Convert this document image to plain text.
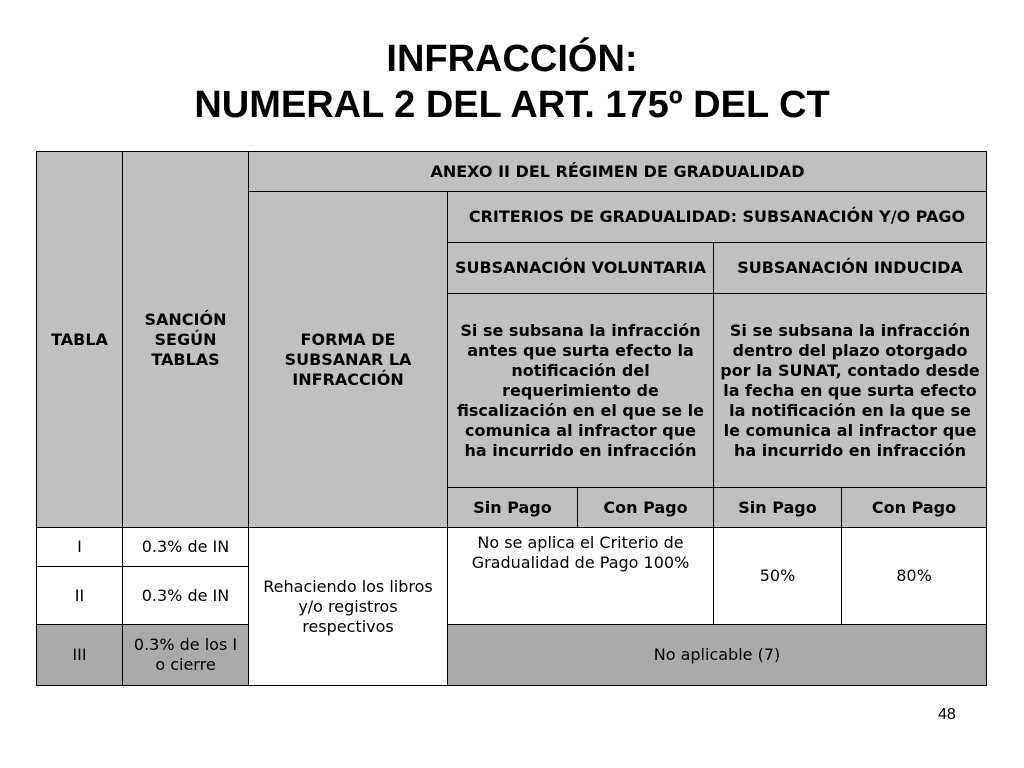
INFRACCIÓN:
NUMERAL 2 DEL ART. 175º DEL CT
.
TABLA	SANCIÓN SEGÚN TABLAS	ANEXO II DEL RÉGIMEN DE GRADUALIDAD				
		FORMA DE SUBSANAR LA INFRACCIÓN	CRITERIOS DE GRADUALIDAD: SUBSANACIÓN Y/O PAGO			
			SUBSANACIÓN VOLUNTARIA		SUBSANACIÓN INDUCIDA	
			Si se subsana la infracción antes que surta efecto la notificación del requerimiento de fiscalización en el que se le comunica al infractor que ha incurrido en infracción		Si se subsana la infracción dentro del plazo otorgado por la SUNAT, contado desde la fecha en que surta efecto la notificación en la que se le comunica al infractor que ha incurrido en infracción	
			Sin Pago	Con Pago	Sin Pago	Con Pago
I	0.3% de IN	Rehaciendo los libros y/o registros respectivos	No se aplica el Criterio de Gradualidad de Pago 100%		50%	80%
II	0.3% de IN					
III	0.3% de los I o cierre		No aplicable (7)			
48
